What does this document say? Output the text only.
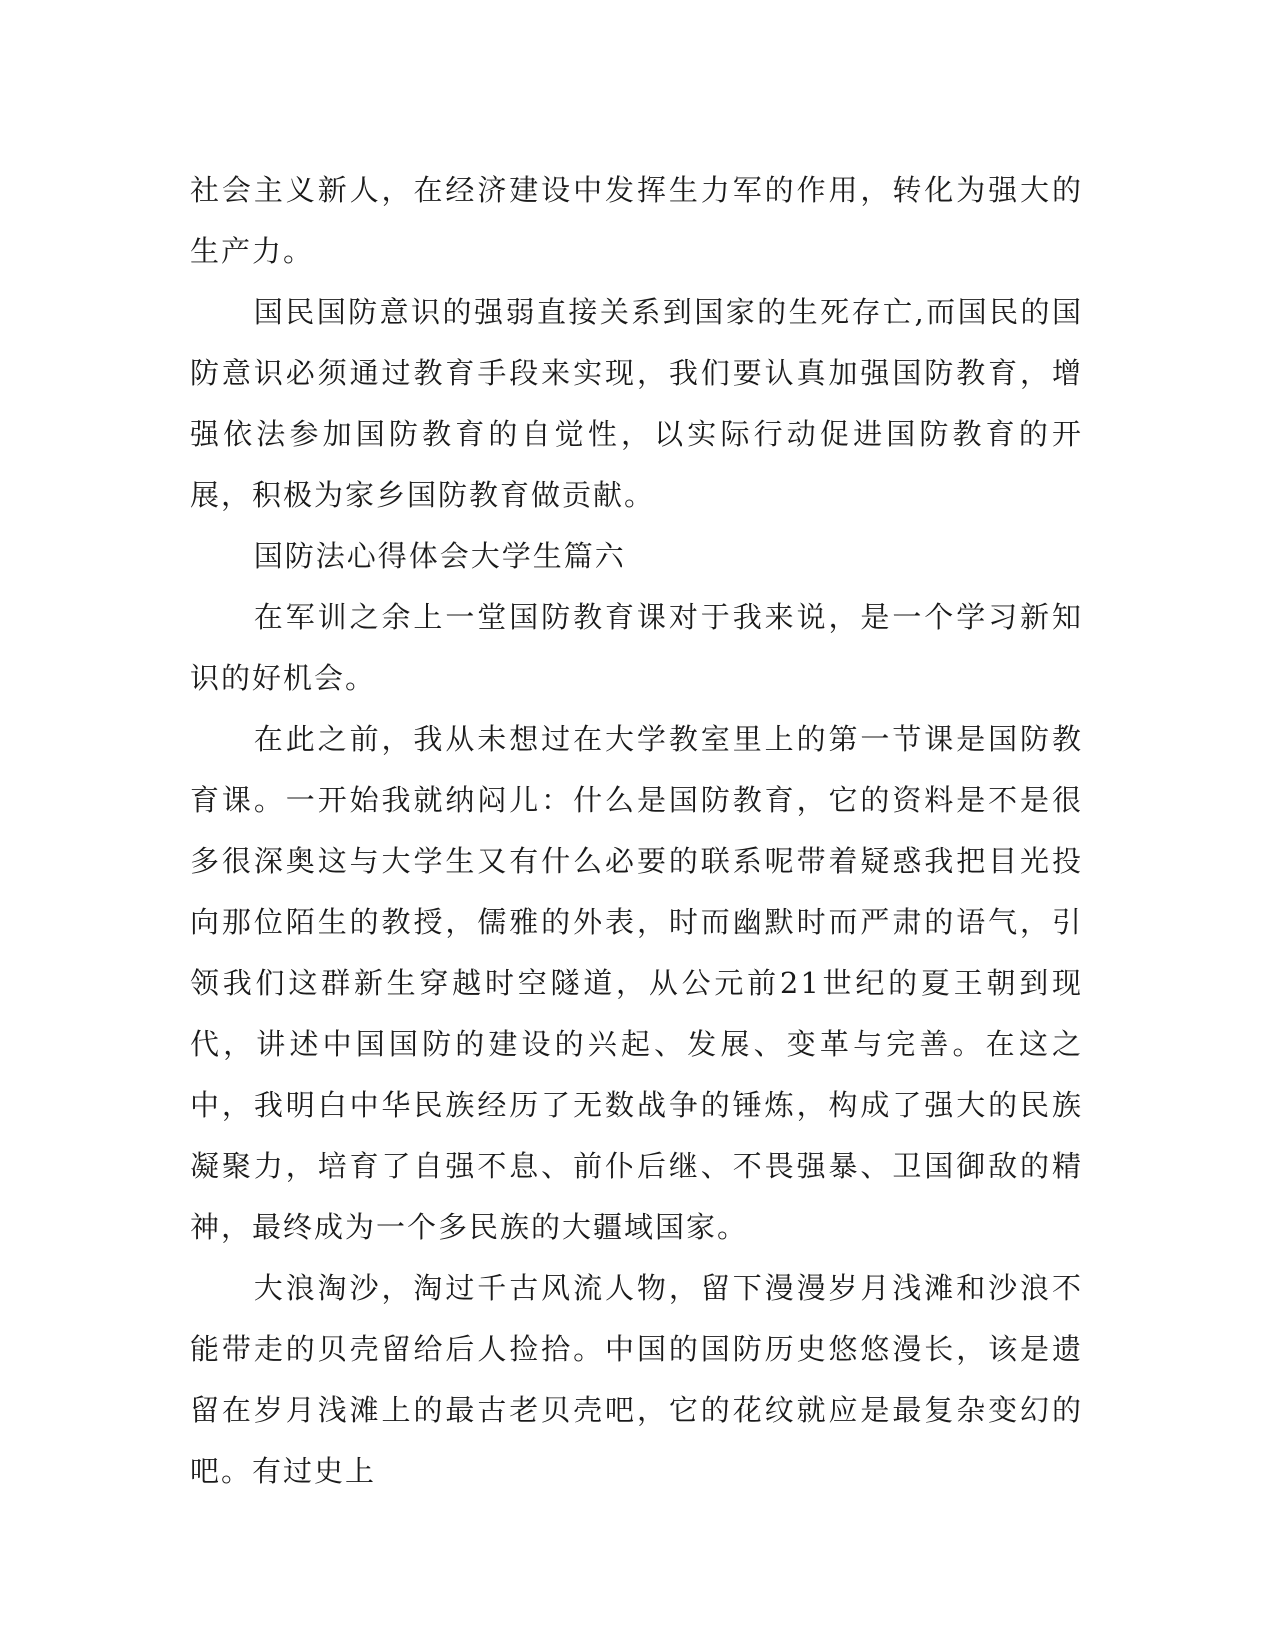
社会主义新人，在经济建设中发挥生力军的作用，转化为强大的生产力。

国民国防意识的强弱直接关系到国家的生死存亡,而国民的国防意识必须通过教育手段来实现，我们要认真加强国防教育，增强依法参加国防教育的自觉性，以实际行动促进国防教育的开展，积极为家乡国防教育做贡献。

国防法心得体会大学生篇六

在军训之余上一堂国防教育课对于我来说，是一个学习新知识的好机会。

在此之前，我从未想过在大学教室里上的第一节课是国防教育课。一开始我就纳闷儿：什么是国防教育，它的资料是不是很多很深奥这与大学生又有什么必要的联系呢带着疑惑我把目光投向那位陌生的教授，儒雅的外表，时而幽默时而严肃的语气，引领我们这群新生穿越时空隧道，从公元前21世纪的夏王朝到现代，讲述中国国防的建设的兴起、发展、变革与完善。在这之中，我明白中华民族经历了无数战争的锤炼，构成了强大的民族凝聚力，培育了自强不息、前仆后继、不畏强暴、卫国御敌的精神，最终成为一个多民族的大疆域国家。

大浪淘沙，淘过千古风流人物，留下漫漫岁月浅滩和沙浪不能带走的贝壳留给后人捡拾。中国的国防历史悠悠漫长，该是遗留在岁月浅滩上的最古老贝壳吧，它的花纹就应是最复杂变幻的吧。有过史上
